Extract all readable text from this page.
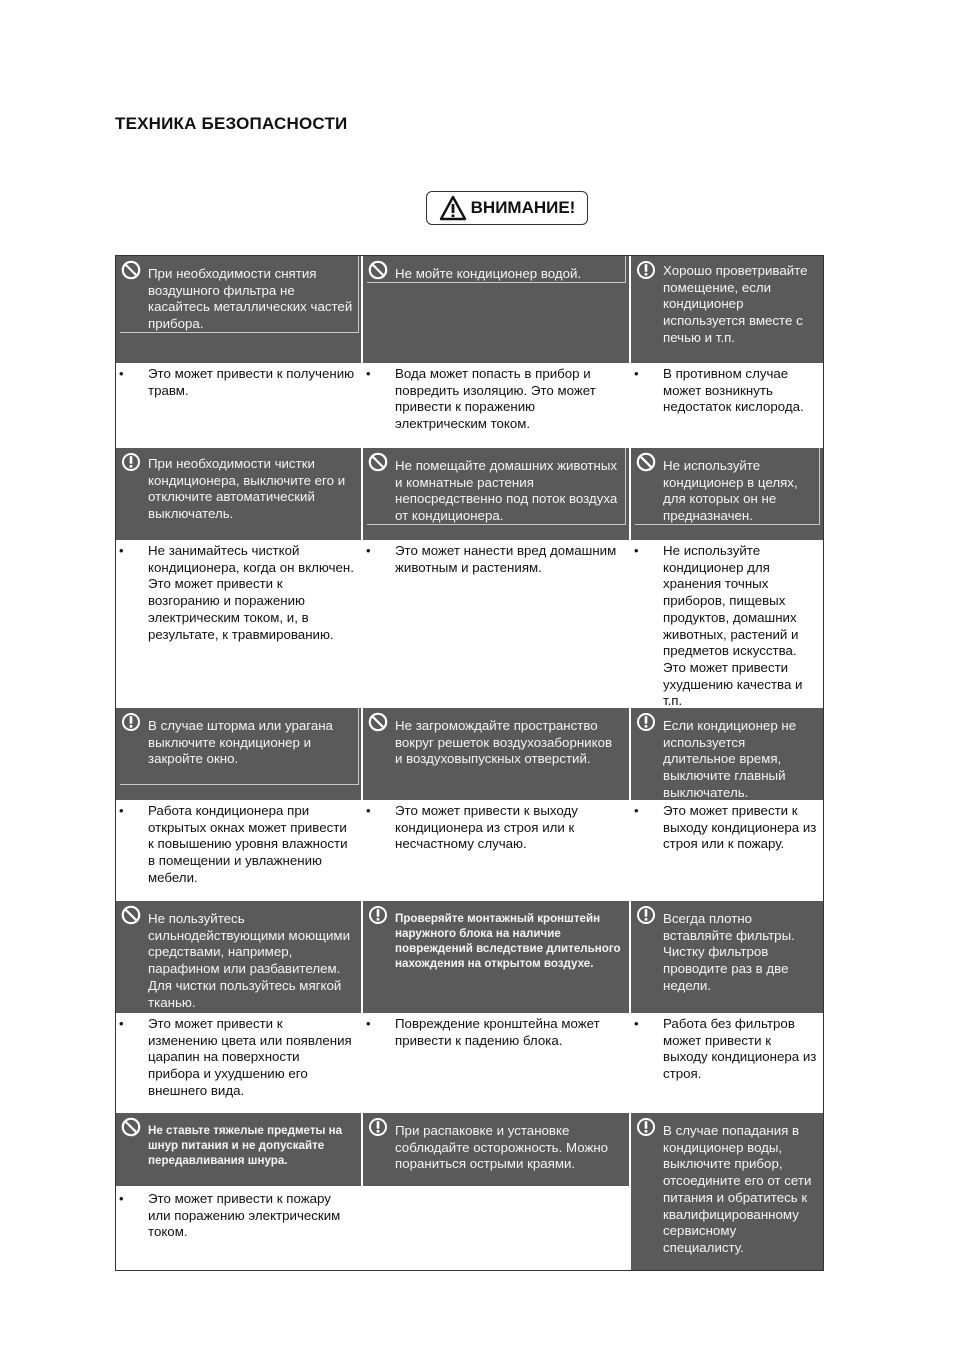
ТЕХНИКА БЕЗОПАСНОСТИ
ВНИМАНИЕ!
При необходимости снятия воздушного фильтра не касайтесь металлических частей прибора.
Не мойте кондиционер водой.	Хорошо проветривайте помещение, если кондиционер используется вместе с печью и т.п.
• Это может привести к получению травм.
• Вода может попасть в прибор и повредить изоляцию. Это может привести к поражению электрическим током.
• В противном случае может возникнуть недостаток кислорода.
При необходимости чистки кондиционера, выключите его и отключите автоматический выключатель.
Не помещайте домашних животных и комнатные растения непосредственно под поток воздуха от кондиционера.
Не используйте кондиционер в целях, для которых он не предназначен.
• Не занимайтесь чисткой кондиционера, когда он включен. Это может привести к возгоранию и поражению электрическим током, и, в результате, к травмированию.
• Это может нанести вред домашним животным и растениям.
• Не используйте кондиционер для хранения точных приборов, пищевых продуктов, домашних животных, растений и предметов искусства. Это может привести ухудшению качества и т.п.
В случае шторма или урагана выключите кондиционер и закройте окно.
Не загромождайте пространство вокруг решеток воздухозаборников и воздуховыпускных отверстий.
Если кондиционер не используется длительное время, выключите главный выключатель.
• Работа кондиционера при открытых окнах может привести к повышению уровня влажности в помещении и увлажнению мебели.
• Это может привести к выходу кондиционера из строя или к несчастному случаю.
• Это может привести к выходу кондиционера из строя или к пожару.
Не пользуйтесь сильнодействующими моющими средствами, например, парафином или разбавителем. Для чистки пользуйтесь мягкой тканью.
Проверяйте монтажный кронштейн наружного блока на наличие повреждений вследствие длительного нахождения на открытом воздухе.
Всегда плотно вставляйте фильтры. Чистку фильтров проводите раз в две недели.
• Это может привести к изменению цвета или появления царапин на поверхности прибора и ухудшению его внешнего вида.
• Повреждение кронштейна может привести к падению блока.
• Работа без фильтров может привести к выходу кондиционера из строя.
Не ставьте тяжелые предметы на шнур питания и не допускайте передавливания шнура.
• Это может привести к пожару или поражению электрическим током.
При распаковке и установке соблюдайте осторожность. Можно пораниться острыми краями.
В случае попадания в кондиционер воды, выключите прибор, отсоедините его от сети питания и обратитесь к квалифицированному сервисному специалисту.
